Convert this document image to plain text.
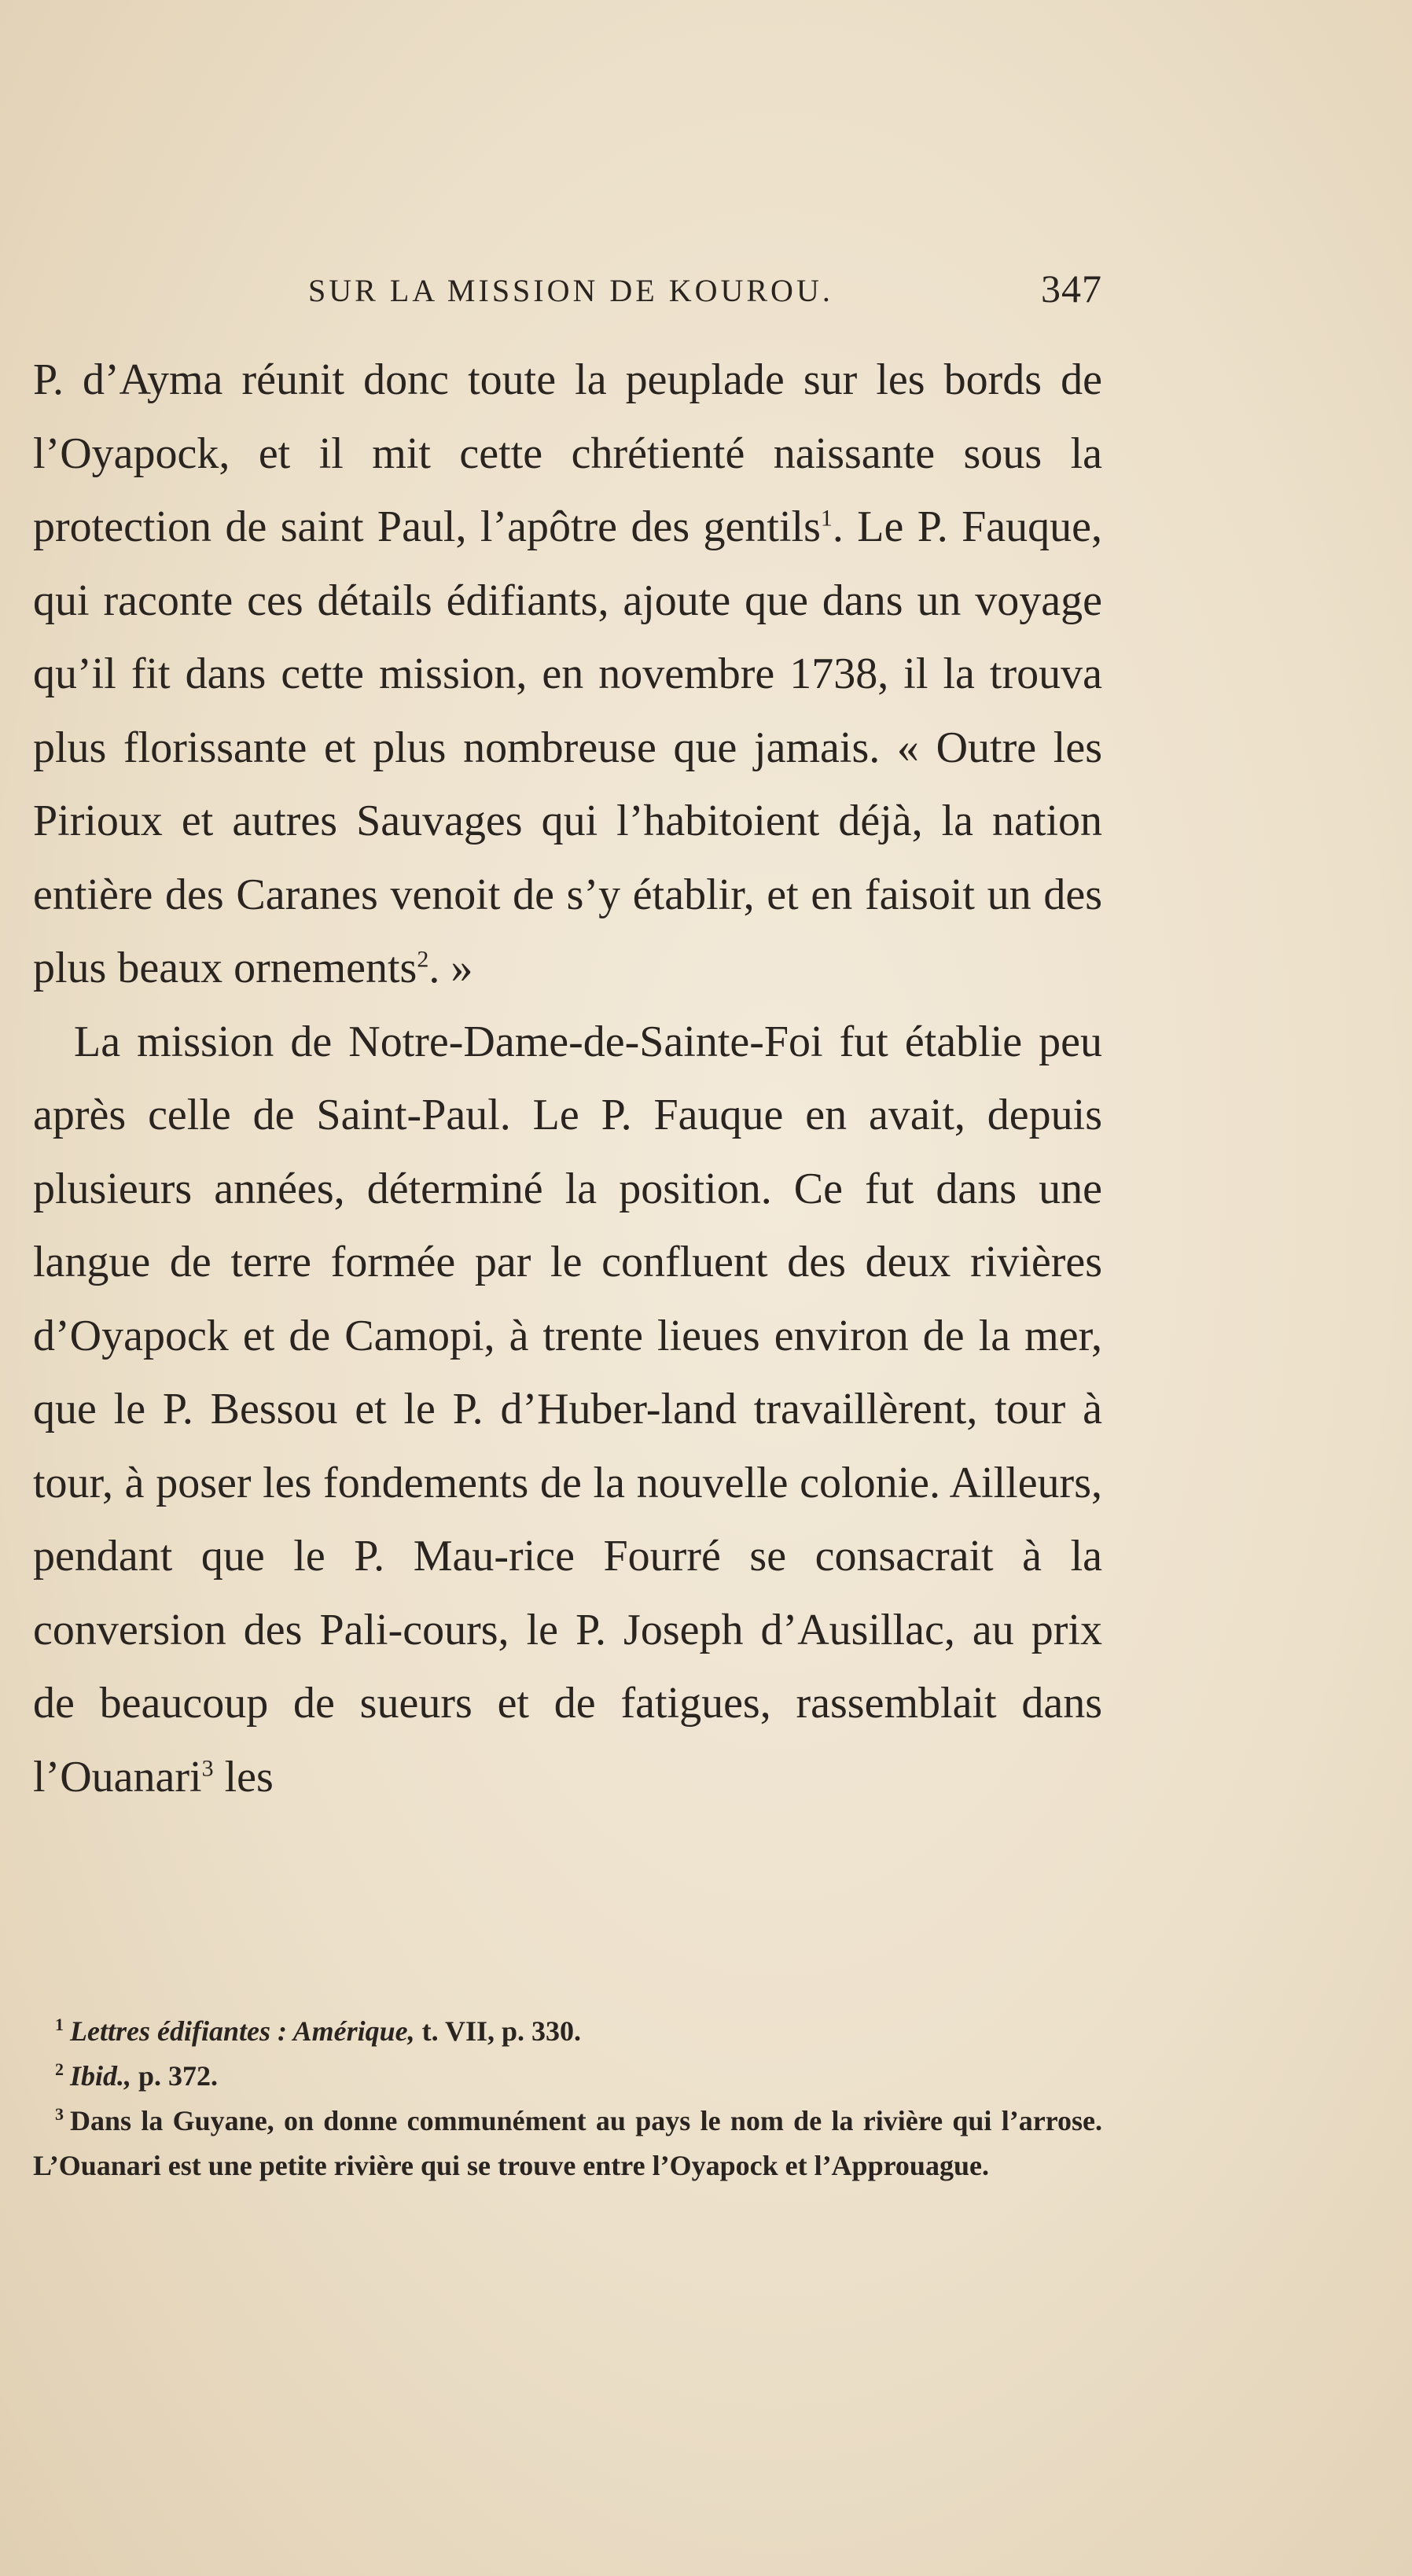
SUR LA MISSION DE KOUROU.	347

P. d’Ayma réunit donc toute la peuplade sur les bords de l’Oyapock, et il mit cette chrétienté naissante sous la protection de saint Paul, l’apôtre des gentils$^1$. Le P. Fauque, qui raconte ces détails édifiants, ajoute que dans un voyage qu’il fit dans cette mission, en novembre 1738, il la trouva plus florissante et plus nombreuse que jamais. « Outre les Pirioux et autres Sauvages qui l’habitoient déjà, la nation entière des Caranes venoit de s’y établir, et en faisoit un des plus beaux ornements$^2$. »

La mission de Notre-Dame-de-Sainte-Foi fut établie peu après celle de Saint-Paul. Le P. Fauque en avait, depuis plusieurs années, déterminé la position. Ce fut dans une langue de terre formée par le confluent des deux rivières d’Oyapock et de Camopi, à trente lieues environ de la mer, que le P. Bessou et le P. d’Huber-land travaillèrent, tour à tour, à poser les fondements de la nouvelle colonie. Ailleurs, pendant que le P. Mau-rice Fourré se consacrait à la conversion des Pali-cours, le P. Joseph d’Ausillac, au prix de beaucoup de sueurs et de fatigues, rassemblait dans l’Ouanari$^3$ les

$^1$ Lettres édifiantes : Amérique, t. VII, p. 330.

$^2$ Ibid., p. 372.

$^3$ Dans la Guyane, on donne communément au pays le nom de la rivière qui l’arrose. L’Ouanari est une petite rivière qui se trouve entre l’Oyapock et l’Approuague.
